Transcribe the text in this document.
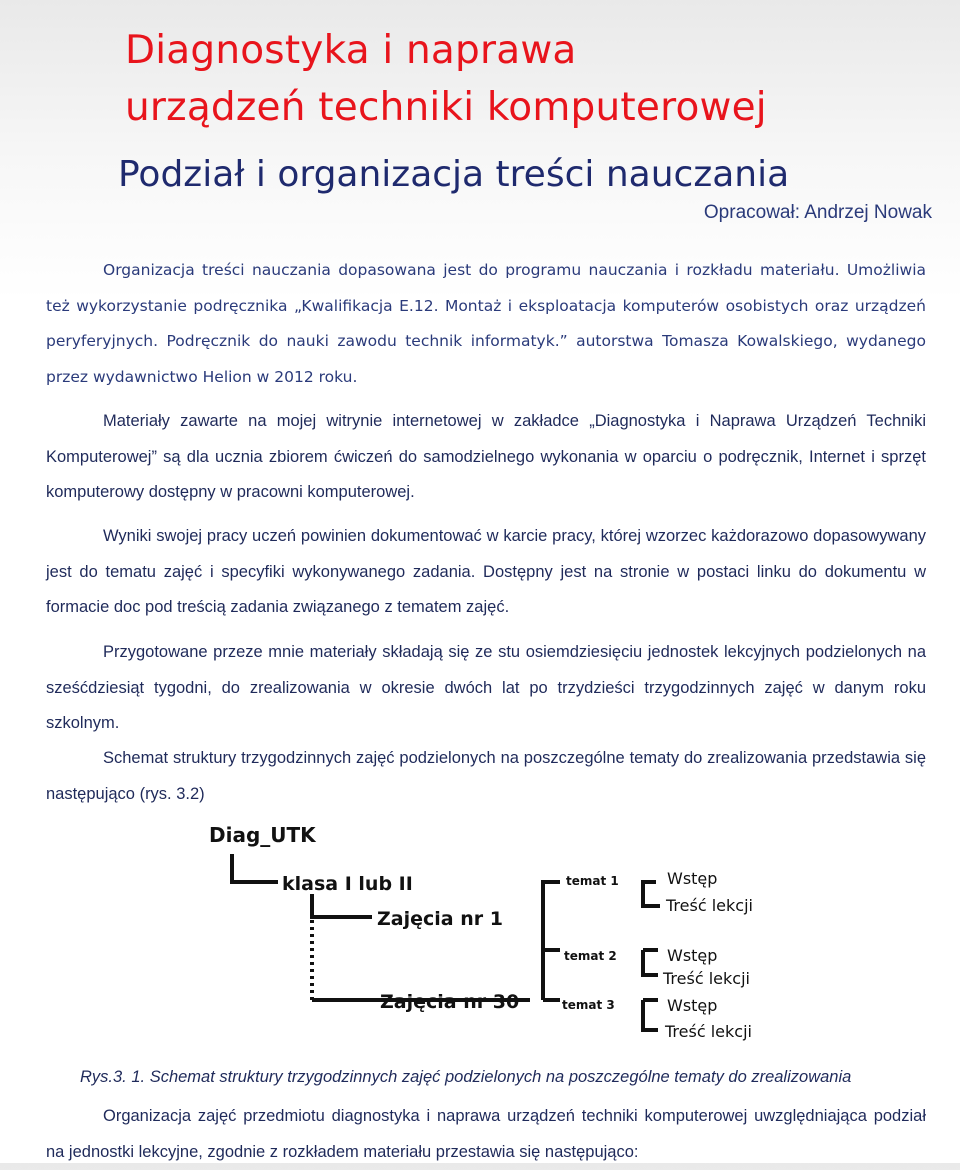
Diagnostyka i naprawa
urządzeń techniki komputerowej
Podział i organizacja treści nauczania
Opracował: Andrzej Nowak

Organizacja treści nauczania dopasowana jest do programu nauczania i rozkładu materiału. Umożliwia też wykorzystanie podręcznika „Kwalifikacja E.12. Montaż i eksploatacja komputerów osobistych oraz urządzeń peryferyjnych. Podręcznik do nauki zawodu technik informatyk.” autorstwa Tomasza Kowalskiego, wydanego przez wydawnictwo Helion w 2012 roku.

Materiały zawarte na mojej witrynie internetowej w zakładce „Diagnostyka i Naprawa Urządzeń Techniki Komputerowej” są dla ucznia zbiorem ćwiczeń do samodzielnego wykonania w oparciu o podręcznik, Internet i sprzęt komputerowy dostępny w pracowni komputerowej.

Wyniki swojej pracy uczeń powinien dokumentować w karcie pracy, której wzorzec każdorazowo dopasowywany jest do tematu zajęć i specyfiki wykonywanego zadania. Dostępny jest na stronie w postaci linku do dokumentu w formacie doc pod treścią zadania związanego z tematem zajęć.

Przygotowane przeze mnie materiały składają się ze stu osiemdziesięciu jednostek lekcyjnych podzielonych na sześćdziesiąt tygodni, do zrealizowania w okresie dwóch lat po trzydzieści trzygodzinnych zajęć w danym roku szkolnym.

Schemat struktury trzygodzinnych zajęć podzielonych na poszczególne tematy do zrealizowania przedstawia się następująco (rys. 3.2)

Diag_UTK
klasa I lub II
Zajęcia nr 1
Zajęcia nr 30
temat 1
temat 2
temat 3
Wstęp
Treść lekcji
Wstęp
Treść lekcji
Wstęp
Treść lekcji
Rys.3. 1. Schemat struktury trzygodzinnych zajęć podzielonych na poszczególne tematy do zrealizowania

Organizacja zajęć przedmiotu diagnostyka i naprawa urządzeń techniki komputerowej uwzględniająca podział na jednostki lekcyjne, zgodnie z rozkładem materiału przestawia się następująco:
